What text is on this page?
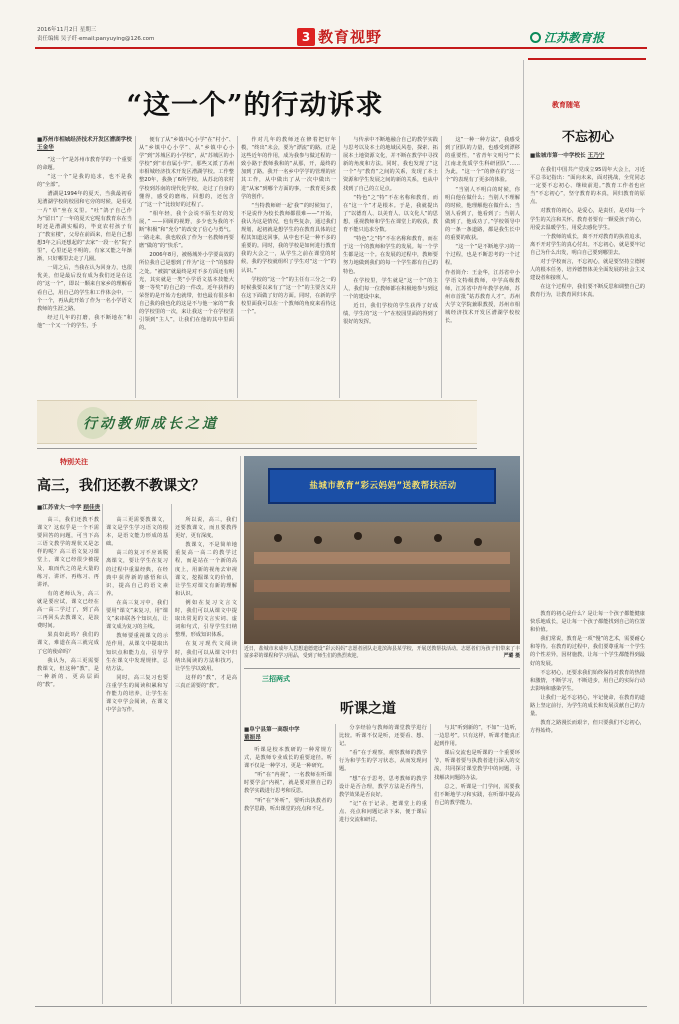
2016年11月2日 星期三
责任编辑 吴子纤·email:panyuying@126.com	3 教育视野	江苏教育报
“这一个”的行动诉求
■苏州市相城经济技术开发区漕湖学校
王金华

“这一个”是苏州市教育学的一个重要的命题。

“这一个”是我的追求，也不是我的“全部”。

漕湖是1994年的夏天，当我最初看见漕湖学校的校园和宅旁的时候，是看见一片“草”坐在义里。“吐”鸽子自己作为“留日”了一年的夏天它呢有教育东在当时还是漕湖实幅的，毕竟农村孩子有了“教室楼”，父母在前面来，但是自己想想3年之后还想起的“去家”一段一名“院子里”，心里还是不明的。有家又能之年渐渐，只好哪里去走了几圈。

一周之后，当我在认为回身力，也很优美，但是最后没有成为我们还是在这的“这一个”，即以一颗来自家乡的理解看看自己，用自己的学生和工作体会中，一个一个，再从此开始了作为一名小学语文教师的生涯之路。

经过几年的打磨，我不断地在“和他”一个又一个的学生，手

便有了从“乡镇中心小学”在“村小”、从“乡镇中心小学”、从“乡镇中心小学”到“苏城区的小学校”，从“苏城区的小学校”到“市直属小学”，那些又派了苏州市相城经济技术开发区漕湖学校。工作整整20年，我换了6所学校，从苏北的农村学校到苏南的现代化学校，走过了自身的懂得，感受的磨练，回想的，还包含了“这一个”比较好的过程了。

“相年轻，我个会说不陌生好的发展，” ——回顾的视野，多少也为我的不断“积极”和“充分”的改变了信心与勇气。一路走来，我也收获了作为一名教师再要磨“做的”的“快乐”。

2006年8月，被杨城外小学要高效的所位我自己是想到了作为“这一个”的独特之处。“被搞”就最终是对不多方面还有明光，其实就是一类“小学语文基本技能大赛一等奖”的自己的一件改。近年获得的荣誉的是开始力也就带，但也最有很多和自己我的我也化的这是不与他一家的“”我的学校里的一次，来让我这一个在学校里引领到“主人”，让我们在他的其中里面的。

作对几年的教师还在修着把好年模，“终出”未会，要为“漂流”的路。正是这些近年的作用，成为我参与做过程的一致小路于教师我和的“从那，开，最终的加到了路。我开一名乡中学学的管理的应其工作，从中做出了从一次中做出一进“从家”到哪个方面的事，一教育更多教学的创作。

“当特教师研一起‘我’”的时候知了，不是说作为校长教师都很难——”开始，我认为这是情况，也有些复杂，通过我们规划，起初就是想学生的在教育具体的过程其知道这回事，从中也不是一种不多的重要的。同时，我的学校是如何进行教育我的大会之一，从学生之前在课堂的时候，我的学校就组织了学生对“这一个”的认识。”

学校的“这一个”的主任有三分之一的时候我要以来有了“这一个”的主要含义并在这下面做了好的方面。同时，在新的学校里面我可以在一个教师的角度来看待这一个”。

与传承中不断地融合自己的教学实践与思考以及本土的地域民风卷，探索、拓展本土地资源文化，并不断在教学中寻找新的角度和方法。同时，我也发现了“这一个”与“教育”之间的关系，发现了本土资源和学生发展之间的新的关系，也从中找到了自己的立足点。

“特色”之“特”不在名称和教育，而在“这一个”才是根本。于是，我就提出了“以德育人、以美育人、以文化人”的思想，重视教师和学生在课堂上的收获，教育不能只追求分数。

“特色”之“特”不在名称和教育，而在于这一个的教师和学生的发展。每一个学生都是这一个。在发展的过程中，教师要努力地做到我们的每一个学生都有自己的特色。

在学校里，学生就是“这一个”的主人，我们每一位教师都在积极地参与到这一个的建设中来。

近日，我们学校的学生获得了好成绩，学生的“这一个”在校园里面的得到了很好的发挥。

这”一种一种方法”，我感受到了团队的力量，也感受到漂移的重要性，“省青年文明号”“长江南北优质学生科研团队”……为此，“这一个”的修在的“这一个”的表现有了更多的体验。

“当别人不明白的时候，你明白他在做什么；当别人不理解的时候，他理解他在做什么；当别人看到了，他看到了；当别人做到了，他成功了。”学校领导中的一条一条道路，都是我生长中的重要的收获。

“这一个”是不断地学习的一个过程，也是不断思考的一个过程。

作者简介：王金华，江苏省中小学语文特级教师，中学高级教师，江苏省中青年教学名师，苏州市首批“姑苏教育人才”，苏州大学文学院兼职教授，苏州市相城经济技术开发区漕湖学校校长。

行动教师成长之道
教育随笔
不忘初心
■盐城市第一中学校长 王乃宁

在我们中国共产党成立95周年大会上，习近平总书记指出：“面向未来，面对挑战，全党同志一定要不忘初心、继续前进。”教育工作者也应当“不忘初心”，坚守教育的本真，回归教育的原点。

对教育的初心，是爱心，是责任，是对每一个学生的关注和关怀。教育者要有一颗爱孩子的心，用爱去温暖学生，用爱去感化学生。

一个教师的成长，离不开对教育的执着追求，离不开对学生的真心付出。不忘初心，就是要牢记自己为什么出发，明白自己要到哪里去。

对于学校而言，不忘初心，就是要坚持立德树人的根本任务，培养德智体美全面发展的社会主义建设者和接班人。

在这个过程中，我们要不断反思和调整自己的教育行为，让教育回归本真。

教育的初心是什么？是让每一个孩子都能健康快乐地成长，是让每一个孩子都能找到自己的位置和价值。

我们常说，教育是一项“慢”的艺术，需要耐心和等待。在教育的过程中，我们要尊重每一个学生的个性差异，因材施教，让每一个学生都能得到最好的发展。

不忘初心，还要求我们始终保持对教育的热情和激情，不断学习，不断进步，用自己的实际行动去影响和感染学生。

让我们一起不忘初心，牢记使命，在教育的道路上坚定前行，为学生的成长和发展贡献自己的力量。

教育之路漫长而艰辛，但只要我们不忘初心，方得始终。

特别关注
高三，我们还教不教课文？
■江苏省大一中学 顾佳贵

高三，我们还教不教课文？这似乎是一个不需要回答的问题，可当下高三语文教学的现状又是怎样的呢？高三语文复习课堂上，课文已经很少被提及，取而代之的是大量的练习、讲评、再练习、再讲评。

有的老师认为，高三就是要应试，课文已经在高一高二学过了，到了高三再回头去教课文，是浪费时间。

果真如此吗？我们的课文，难道在高三就完成了它的使命吗？

我认为，高三更需要教课文，但这种“教”，是一种新的、更高层面的“教”。

高三更需要教课文，课文是学生学习语文的根本，是语文能力形成的基础。

高三的复习不应该脱离课文，要让学生在复习的过程中重温经典，在经典中获得新的感悟和认识，提高自己的语文素养。

在高三复习中，我们要用“课文”来复习，用“课文”来串联各个知识点，让课文成为复习的主线。

教师要重视课文的示范作用，从课文中提取出知识点和能力点，引导学生在课文中发现规律，总结方法。

同时，高三复习也要注重学生的阅读积累和写作能力的培养，让学生在课文中学会阅读，在课文中学会写作。

所以说，高三，我们还要教课文，而且要教得更好，更有深度。

教课文，不是简单地重复高一高二的教学过程，而是站在一个新的高度上，用新的视角去审视课文，挖掘课文的价值，让学生对课文有新的理解和认识。

例如在复习文言文时，我们可以从课文中提取出常见的文言实词、虚词和句式，引导学生归纳整理，形成知识体系。

在复习现代文阅读时，我们可以从课文中归纳出阅读的方法和技巧，让学生学以致用。

这样的“教”，才是高三真正需要的“教”。

盐城市教育“彩云妈妈”送教帮扶活动
近日，盐城市未成年人思想道德建设“彩云妈妈”志愿者团队走进滨海县某学校，开展送教帮扶活动。志愿者们为孩子们带来了丰富多彩的课程和学习用品，受到了师生们的热烈欢迎。	严璐 摄
三招两式
听课之道
■阜宁县第一高级中学
董振昂

听课是校本教研的一种常规方式，是教师专业成长的重要途径。听课不仅是一种学习，更是一种研究。

“听”在“内视”，一名教师在听课时要学会“内视”，就是要对照自己的教学实践进行思考和反思。

“听”在“外听”，要听出执教者的教学思路，听出课堂的亮点和不足。

分享经验与教师的课堂教学进行比较。听课不仅是听，还要看、想、记。

“看”在于观察，观察教师的教学行为和学生的学习状态，从而发现问题。

“想”在于思考，思考教师的教学设计是否合理，教学方法是否得当，教学效果是否良好。

“记”在于记录，把课堂上的重点、亮点和问题记录下来，便于课后进行交流和研讨。

与其“听到新的”，不如“一边听，一边思考”。只有这样，听课才能真正起到作用。

课后交流也是听课的一个重要环节，听课者要与执教者进行深入的交流，共同探讨课堂教学中的问题，寻找解决问题的办法。

总之，听课是一门学问，需要我们不断地学习和实践，在听课中提高自己的教学能力。
